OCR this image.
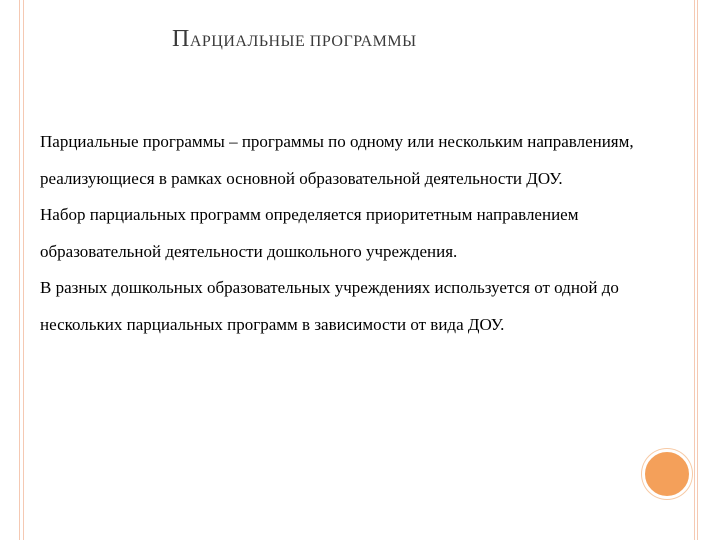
ПАРЦИАЛЬНЫЕ ПРОГРАММЫ

Парциальные программы – программы по одному или нескольким направлениям, реализующиеся в рамках основной образовательной деятельности ДОУ.

Набор парциальных программ определяется приоритетным направлением образовательной деятельности дошкольного учреждения.

В разных дошкольных образовательных учреждениях используется от одной до нескольких парциальных программ в зависимости от вида ДОУ.
